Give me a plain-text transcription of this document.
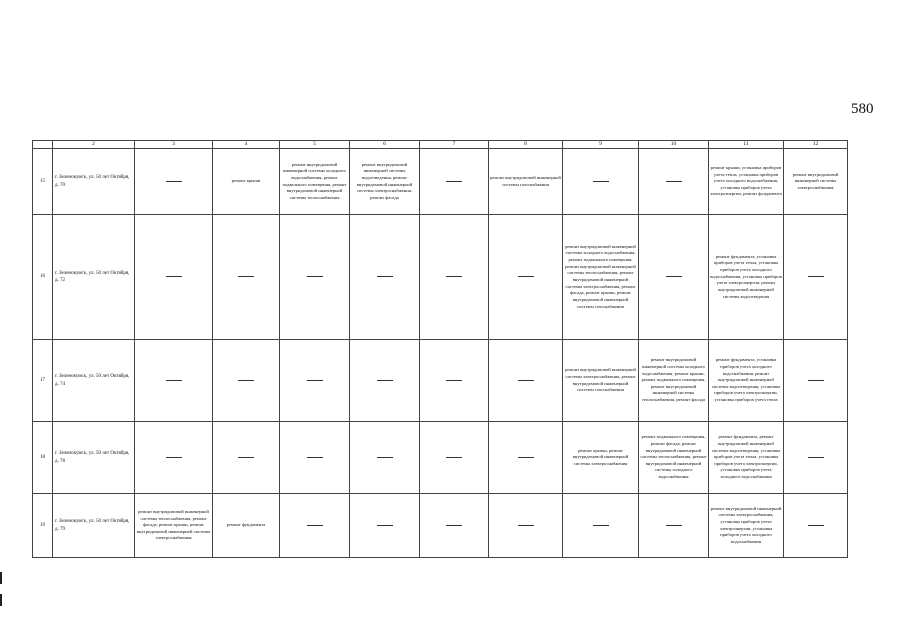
580
	2	3	4	5	6	7	8	9	10	11	12
15	г. Зеленокумск, ул. 50 лет Октября, д. 70		ремонт крыши	ремонт внутридомовой инженерной системы холодного водоснабжения, ремонт подвального помещения, ремонт внутридомовой инженерной системы теплоснабжения	ремонт внутридомовой инженерной системы водоотведения, ремонт внутридомовой инженерной системы электроснабжения, ремонт фасада		ремонт внутридомовой инженерной системы газоснабжения			ремонт крыши, установка приборов учета тепла, установка приборов учета холодного водоснабжения, установка приборов учета электроэнергии, ремонт фундамента	ремонт внутридомовой инженерной системы электроснабжения
16	г. Зеленокумск, ул. 50 лет Октября, д. 72							ремонт внутридомовой инженерной системы холодного водоснабжения, ремонт подвального помещения, ремонт внутридомовой инженерной системы теплоснабжения, ремонт внутридомовой инженерной системы электроснабжения, ремонт фасада, ремонт крыши, ремонт внутридомовой инженерной системы газоснабжения		ремонт фундамента, установка приборов учета тепла, установка приборов учета холодного водоснабжения, установка приборов учета электроэнергии, ремонт внутридомовой инженерной системы водоотведения	
17	г. Зеленокумск, ул. 50 лет Октября, д. 74							ремонт внутридомовой инженерной системы электроснабжения, ремонт внутридомовой инженерной системы газоснабжения	ремонт внутридомовой инженерной системы холодного водоснабжения, ремонт крыши, ремонт подвального помещения, ремонт внутридомовой инженерной системы теплоснабжения, ремонт фасада	ремонт фундамента, установка приборов учета холодного водоснабжения, ремонт внутридомовой инженерной системы водоотведения, установка приборов учета электроэнергии, установка приборов учета тепла	
18	г. Зеленокумск, ул. 50 лет Октября, д. 78							ремонт крыши, ремонт внутридомовой инженерной системы электроснабжения	ремонт подвального помещения, ремонт фасада, ремонт внутридомовой инженерной системы теплоснабжения, ремонт внутридомовой инженерной системы холодного водоснабжения	ремонт фундамента, ремонт внутридомовой инженерной системы водоотведения, установка приборов учета тепла, установка приборов учета электроэнергии, установка приборов учета холодного водоснабжения	
19	г. Зеленокумск, ул. 50 лет Октября, д. 79	ремонт внутридомовой инженерной системы теплоснабжения, ремонт фасада, ремонт крыши, ремонт внутридомовой инженерной системы электроснабжения	ремонт фундамента							ремонт внутридомовой инженерной системы электроснабжения, установка приборов учета электроэнергии, установка приборов учета холодного водоснабжения	
